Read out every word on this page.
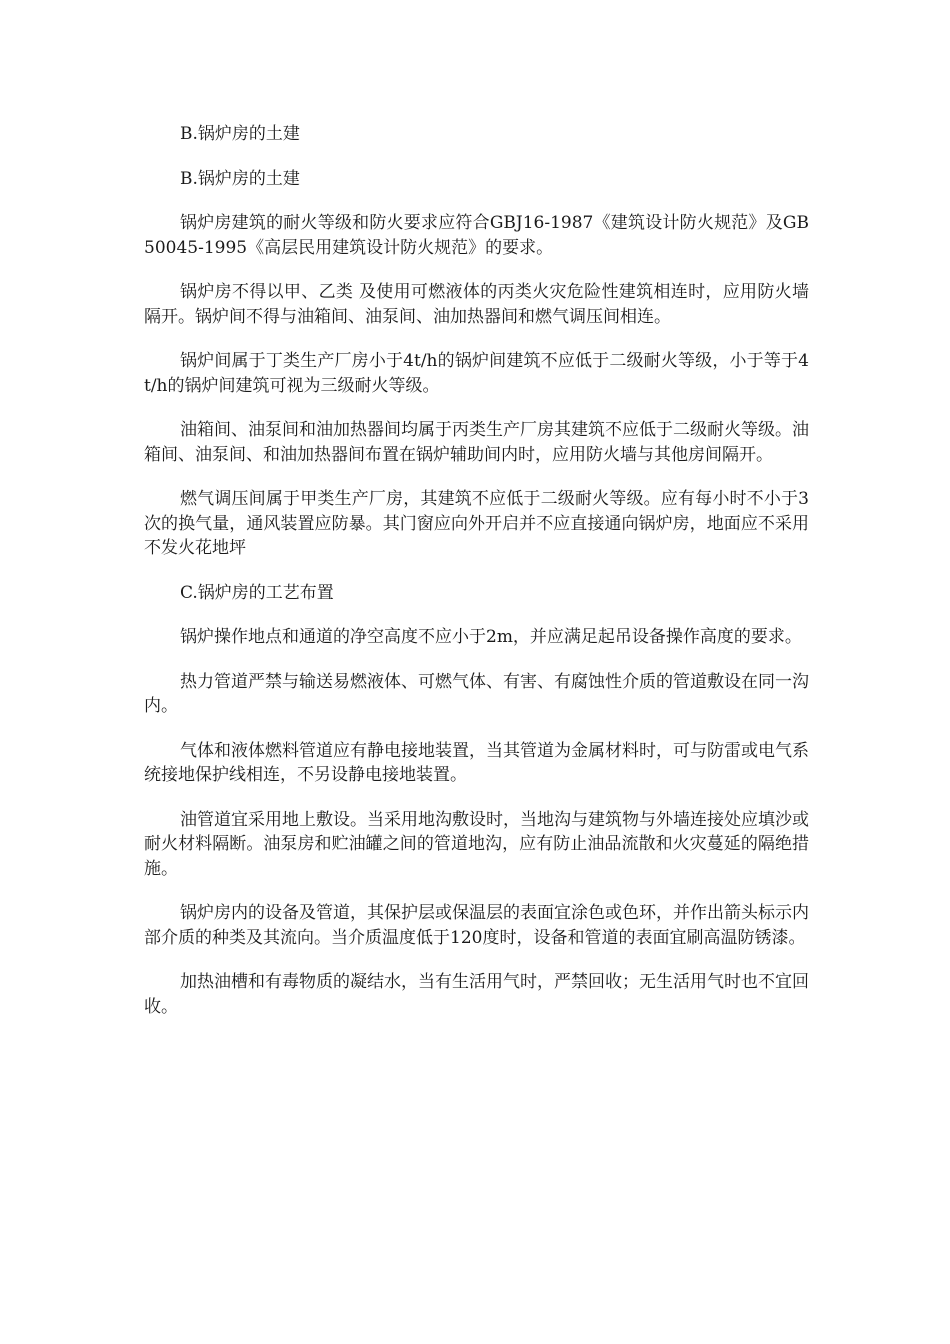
B.锅炉房的土建

B.锅炉房的土建

锅炉房建筑的耐火等级和防火要求应符合GBJ16-1987《建筑设计防火规范》及GB50045-1995《高层民用建筑设计防火规范》的要求。

锅炉房不得以甲、乙类 及使用可燃液体的丙类火灾危险性建筑相连时，应用防火墙隔开。锅炉间不得与油箱间、油泵间、油加热器间和燃气调压间相连。

锅炉间属于丁类生产厂房小于4t/h的锅炉间建筑不应低于二级耐火等级，小于等于4t/h的锅炉间建筑可视为三级耐火等级。

油箱间、油泵间和油加热器间均属于丙类生产厂房其建筑不应低于二级耐火等级。油箱间、油泵间、和油加热器间布置在锅炉辅助间内时，应用防火墙与其他房间隔开。

燃气调压间属于甲类生产厂房，其建筑不应低于二级耐火等级。应有每小时不小于3次的换气量，通风装置应防暴。其门窗应向外开启并不应直接通向锅炉房，地面应不采用不发火花地坪

C.锅炉房的工艺布置

锅炉操作地点和通道的净空高度不应小于2m，并应满足起吊设备操作高度的要求。

热力管道严禁与输送易燃液体、可燃气体、有害、有腐蚀性介质的管道敷设在同一沟内。

气体和液体燃料管道应有静电接地装置，当其管道为金属材料时，可与防雷或电气系统接地保护线相连，不另设静电接地装置。

油管道宜采用地上敷设。当采用地沟敷设时，当地沟与建筑物与外墙连接处应填沙或耐火材料隔断。油泵房和贮油罐之间的管道地沟，应有防止油品流散和火灾蔓延的隔绝措施。

锅炉房内的设备及管道，其保护层或保温层的表面宜涂色或色环，并作出箭头标示内部介质的种类及其流向。当介质温度低于120度时，设备和管道的表面宜刷高温防锈漆。

加热油槽和有毒物质的凝结水，当有生活用气时，严禁回收；无生活用气时也不宜回收。
